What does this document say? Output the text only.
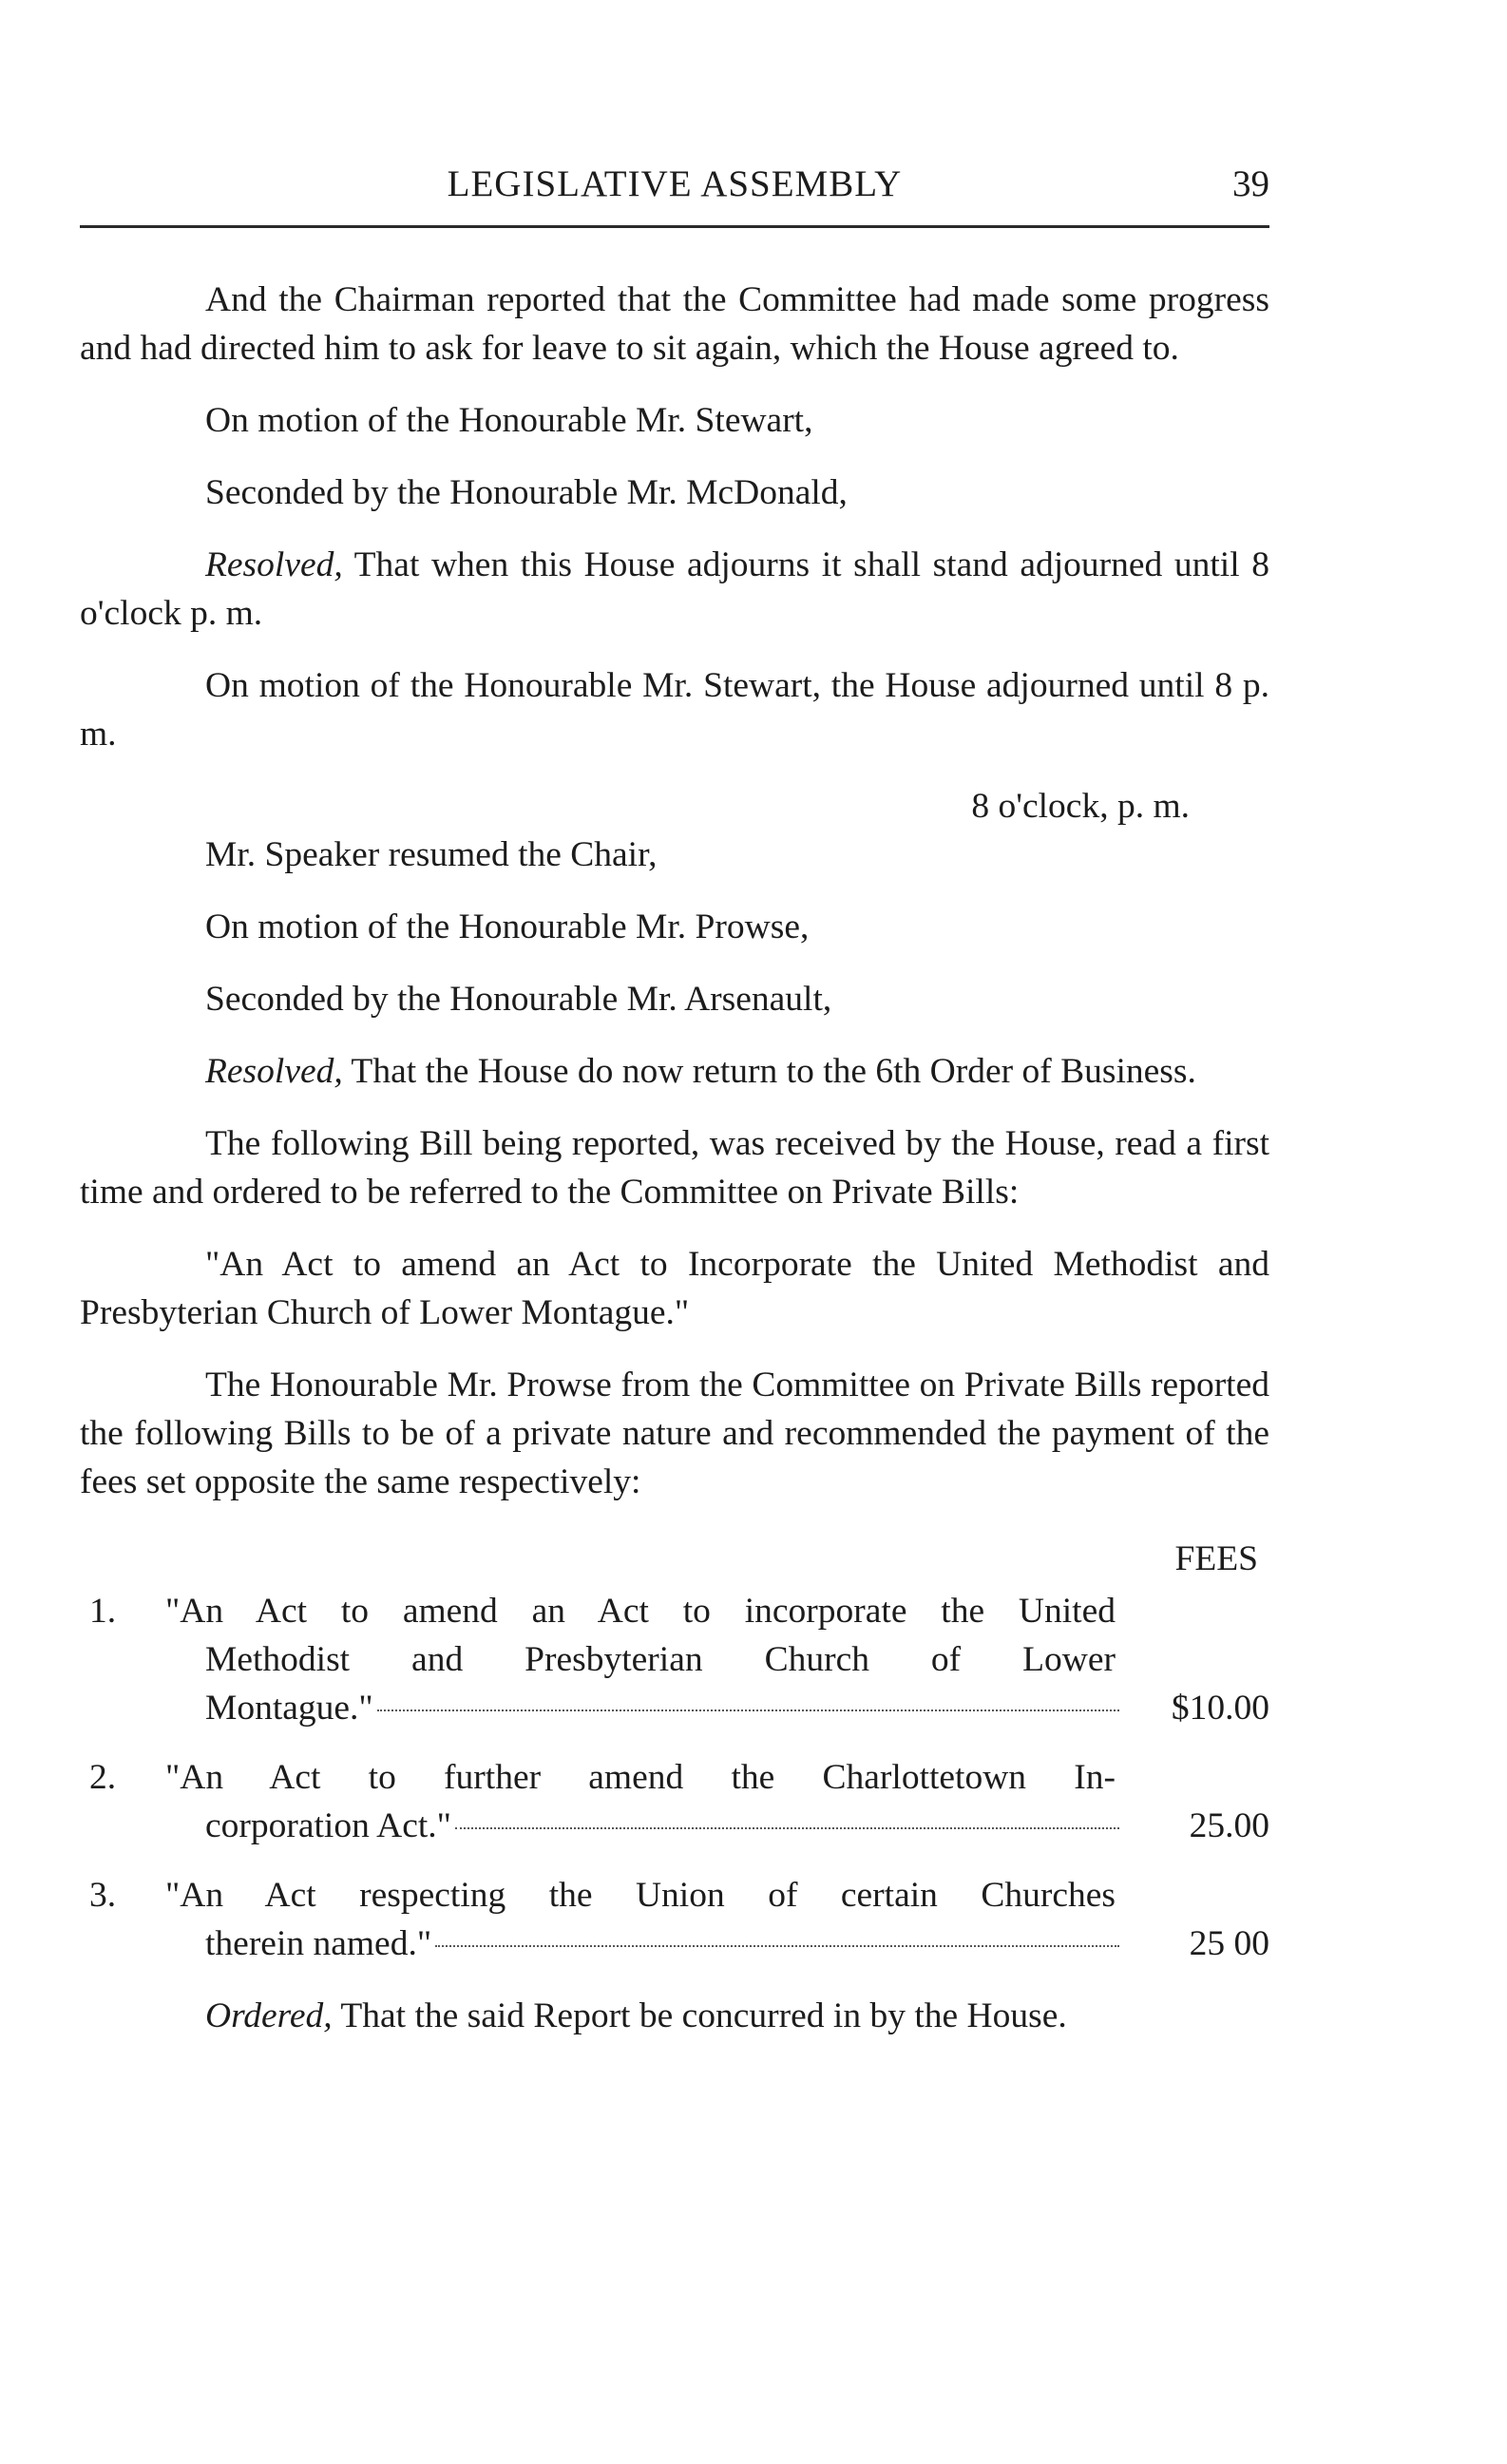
LEGISLATIVE ASSEMBLY	39

And the Chairman reported that the Committee had made some progress and had directed him to ask for leave to sit again, which the House agreed to.

On motion of the Honourable Mr. Stewart,

Seconded by the Honourable Mr. McDonald,

Resolved, That when this House adjourns it shall stand adjourned until 8 o'clock p. m.

On motion of the Honourable Mr. Stewart, the House adjourned until 8 p. m.

8 o'clock, p. m.

Mr. Speaker resumed the Chair,

On motion of the Honourable Mr. Prowse,

Seconded by the Honourable Mr. Arsenault,

Resolved, That the House do now return to the 6th Order of Business.

The following Bill being reported, was received by the House, read a first time and ordered to be referred to the Committee on Private Bills:

"An Act to amend an Act to Incorporate the United Methodist and Presbyterian Church of Lower Montague."

The Honourable Mr. Prowse from the Committee on Private Bills reported the following Bills to be of a private nature and recommended the payment of the fees set opposite the same respectively:

FEES
1.	"An Act to amend an Act to incorporate the United
Methodist and Presbyterian Church of Lower
Montague."	$10.00
2.	"An Act to further amend the Charlottetown In-
corporation Act."	25.00
3.	"An Act respecting the Union of certain Churches
therein named."	25 00

Ordered, That the said Report be concurred in by the House.
